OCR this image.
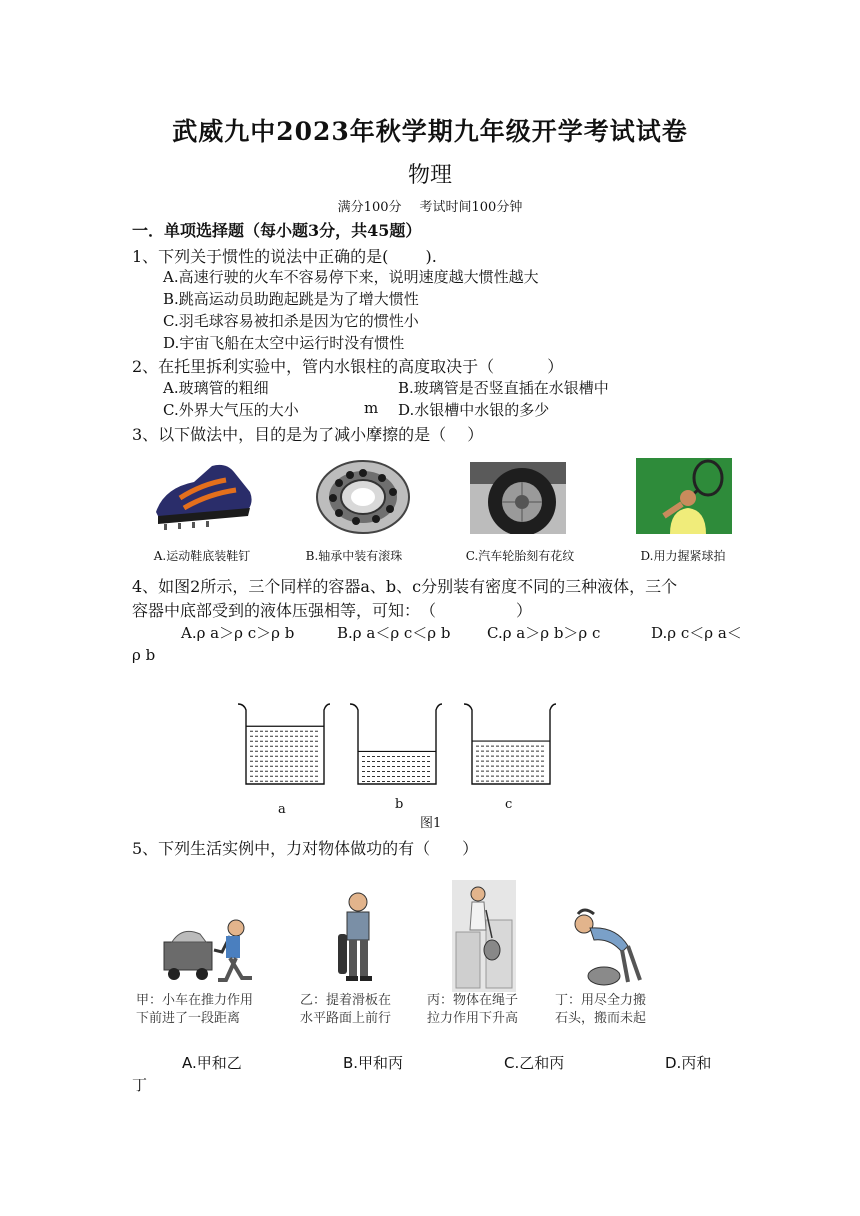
武威九中2023年秋学期九年级开学考试试卷
物理
满分100分 考试时间100分钟
一．单项选择题（每小题3分，共45题）
1、下列关于惯性的说法中正确的是(　　 ).
A.高速行驶的火车不容易停下来，说明速度越大惯性越大
B.跳高运动员助跑起跳是为了增大惯性
C.羽毛球容易被扣杀是因为它的惯性小
D.宇宙飞船在太空中运行时没有惯性
2、在托里拆利实验中，管内水银柱的高度取决于（　　　 ）
A.玻璃管的粗细	B.玻璃管是否竖直插在水银槽中
C.外界大气压的大小	m D.水银槽中水银的多少
3、以下做法中，目的是为了减小摩擦的是（　 ）
A.运动鞋底装鞋钉	B.轴承中装有滚珠	C.汽车轮胎刻有花纹	D.用力握紧球拍
4、如图2所示，三个同样的容器a、b、c分别装有密度不同的三种液体，三个
容器中底部受到的液体压强相等，可知：　（　　　　　）
A.ρ a＞ρ c＞ρ b	B.ρ a＜ρ c＜ρ b C.ρ a＞ρ b＞ρ c	D.ρ c＜ρ a＜
ρ b
a	b	c
图1
5、下列生活实例中，力对物体做功的有（　　）
甲：小车在推力作用
下前进了一段距离
乙：提着滑板在
水平路面上前行
丙：物体在绳子
拉力作用下升高
丁：用尽全力搬
石头，搬而未起
A.甲和乙	B.甲和丙	C.乙和丙	D.丙和
丁
